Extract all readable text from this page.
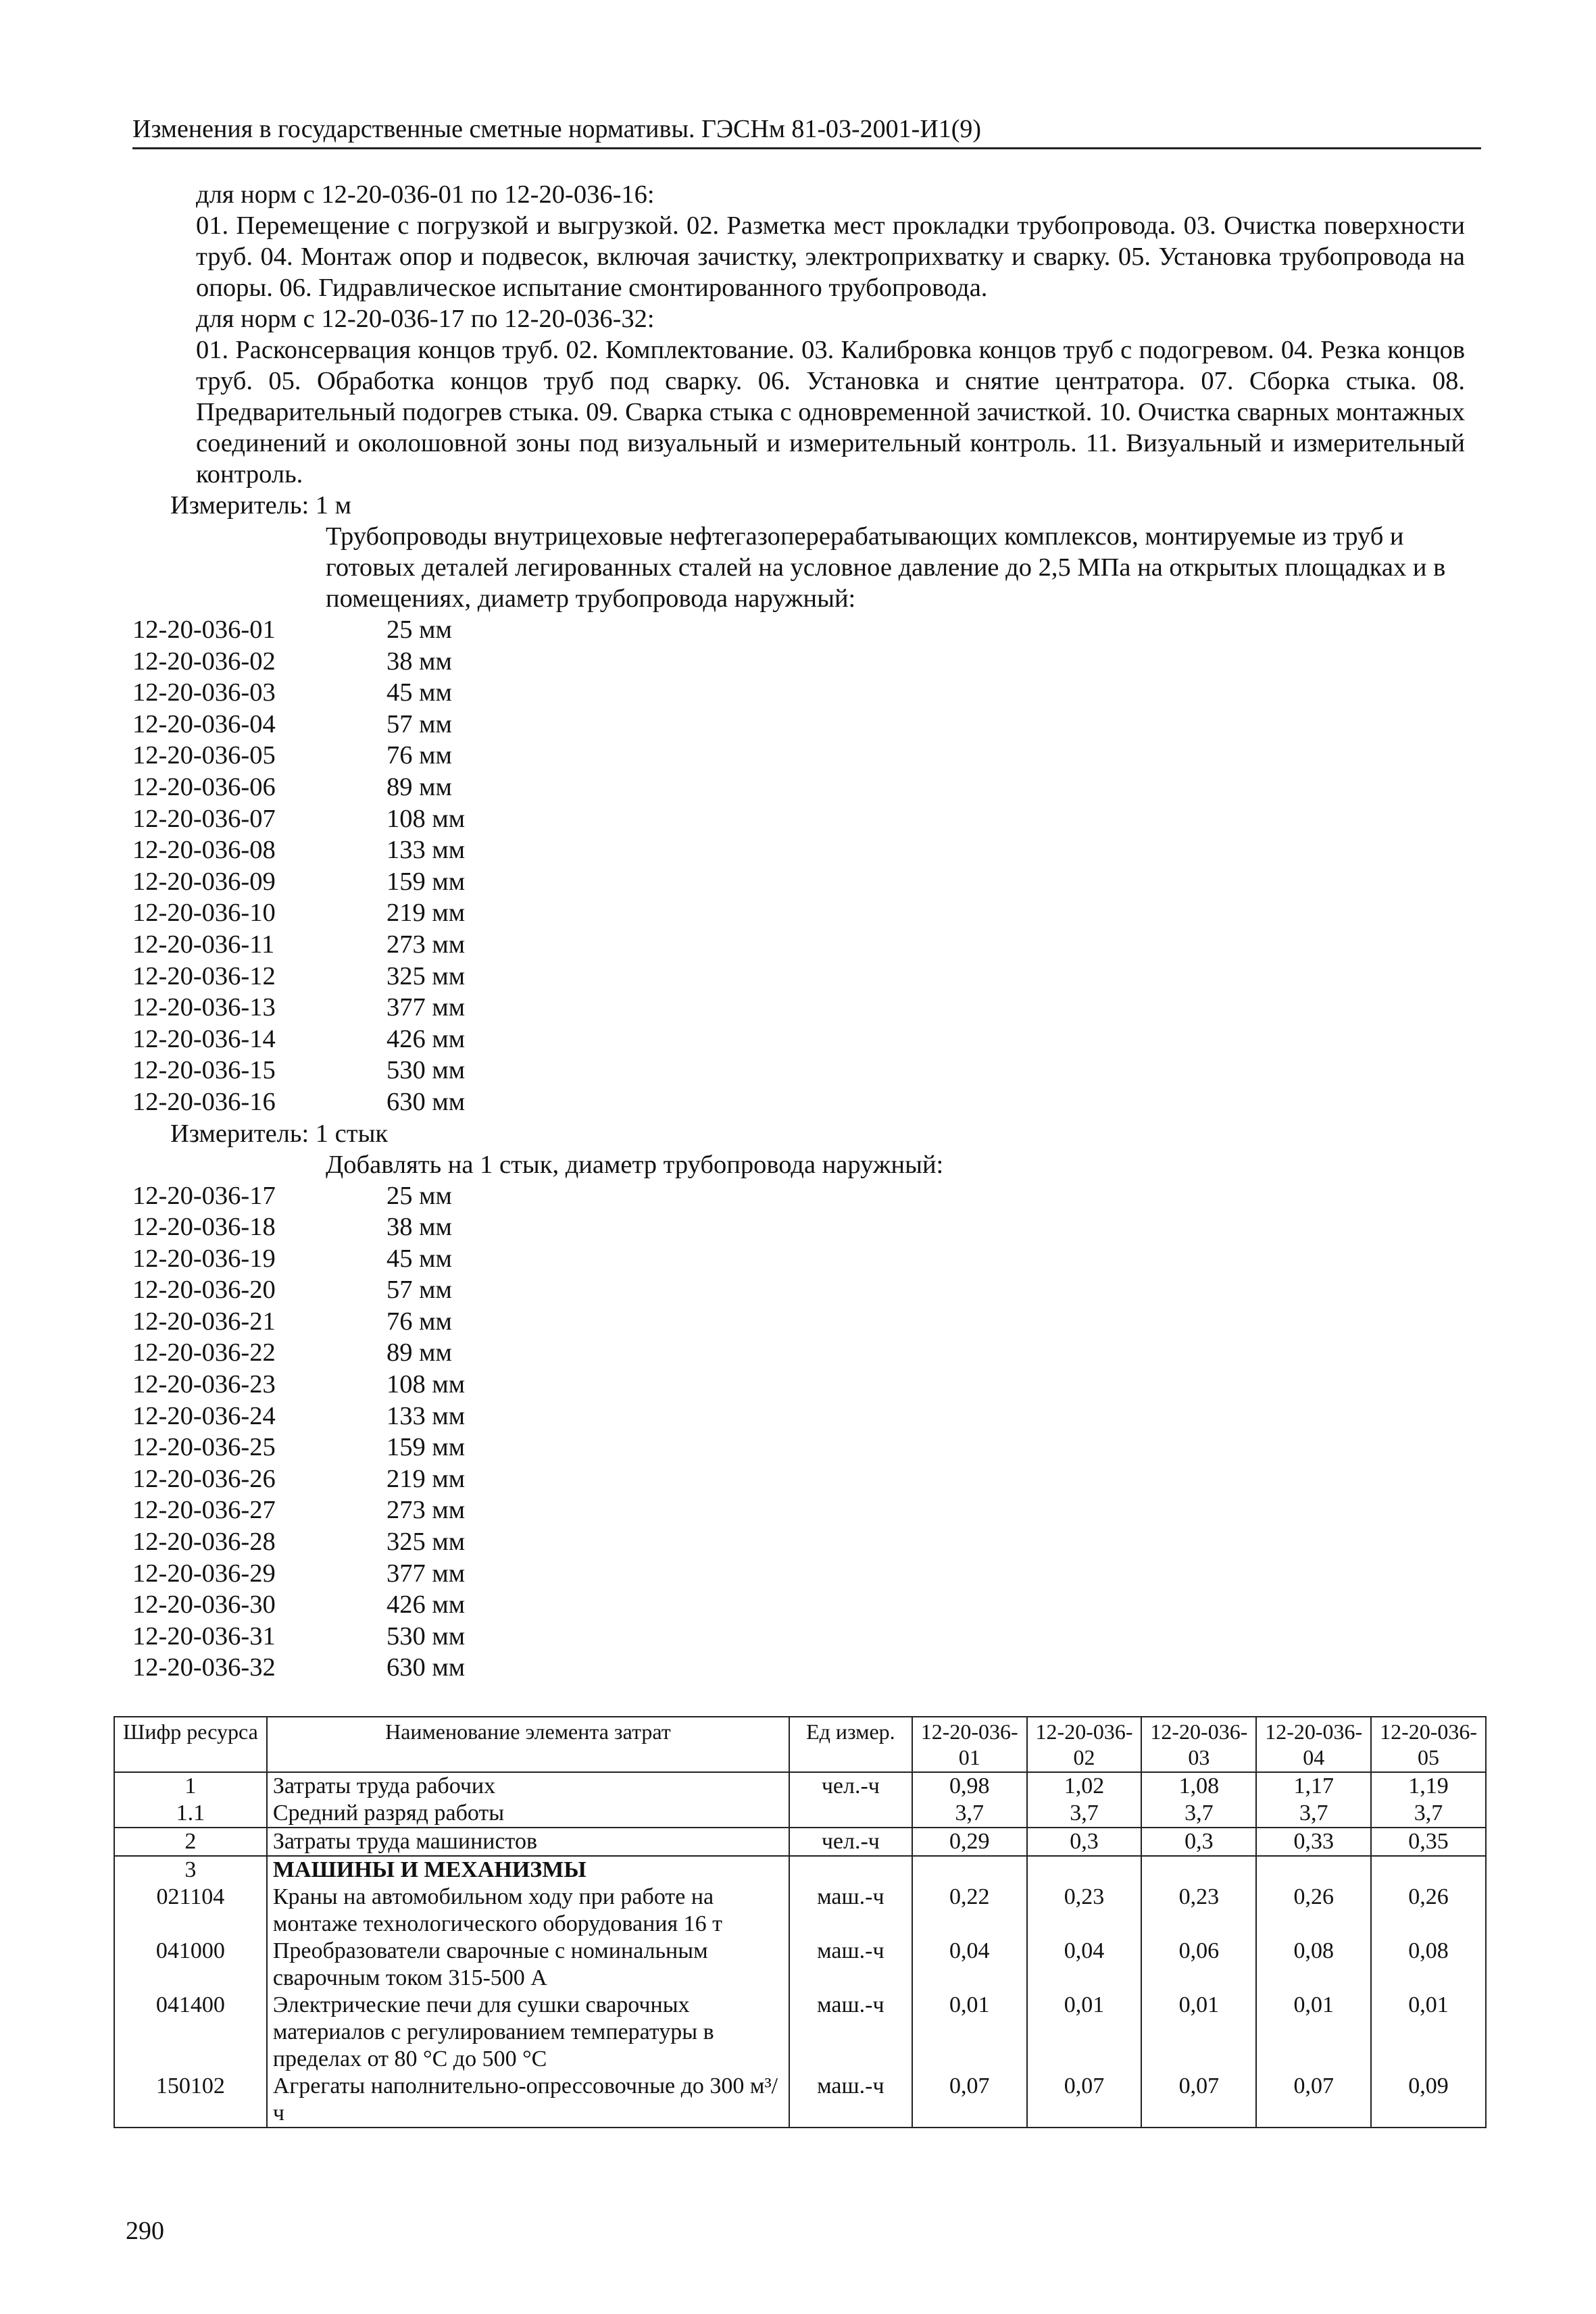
Изменения в государственные сметные нормативы. ГЭСНм 81-03-2001-И1(9)

для норм с 12-20-036-01 по 12-20-036-16:

01. Перемещение с погрузкой и выгрузкой. 02. Разметка мест прокладки трубопровода. 03. Очистка поверхности труб. 04. Монтаж опор и подвесок, включая зачистку, электроприхватку и сварку. 05. Установка трубопровода на опоры. 06. Гидравлическое испытание смонтированного трубопровода.

для норм с 12-20-036-17 по 12-20-036-32:

01. Расконсервация концов труб. 02. Комплектование. 03. Калибровка концов труб с подогревом. 04. Резка концов труб. 05. Обработка концов труб под сварку. 06. Установка и снятие центратора. 07. Сборка стыка. 08. Предварительный подогрев стыка. 09. Сварка стыка с одновременной зачисткой. 10. Очистка сварных монтажных соединений и околошовной зоны под визуальный и измерительный контроль. 11. Визуальный и измерительный контроль.

Измеритель: 1 м

Трубопроводы внутрицеховые нефтегазоперерабатывающих комплексов, монтируемые из труб и готовых деталей легированных сталей на условное давление до 2,5 МПа на открытых площадках и в помещениях, диаметр трубопровода наружный:

12-20-036-01	25 мм
12-20-036-02	38 мм
12-20-036-03	45 мм
12-20-036-04	57 мм
12-20-036-05	76 мм
12-20-036-06	89 мм
12-20-036-07	108 мм
12-20-036-08	133 мм
12-20-036-09	159 мм
12-20-036-10	219 мм
12-20-036-11	273 мм
12-20-036-12	325 мм
12-20-036-13	377 мм
12-20-036-14	426 мм
12-20-036-15	530 мм
12-20-036-16	630 мм
Измеритель: 1 стык
Добавлять на 1 стык, диаметр трубопровода наружный:
12-20-036-17	25 мм
12-20-036-18	38 мм
12-20-036-19	45 мм
12-20-036-20	57 мм
12-20-036-21	76 мм
12-20-036-22	89 мм
12-20-036-23	108 мм
12-20-036-24	133 мм
12-20-036-25	159 мм
12-20-036-26	219 мм
12-20-036-27	273 мм
12-20-036-28	325 мм
12-20-036-29	377 мм
12-20-036-30	426 мм
12-20-036-31	530 мм
12-20-036-32	630 мм
Шифр ресурса	Наименование элемента затрат	Ед измер.	12-20-036-01	12-20-036-02	12-20-036-03	12-20-036-04	12-20-036-05
1	Затраты труда рабочих	чел.-ч	0,98	1,02	1,08	1,17	1,19
1.1	Средний разряд работы		3,7	3,7	3,7	3,7	3,7
2	Затраты труда машинистов	чел.-ч	0,29	0,3	0,3	0,33	0,35
3	МАШИНЫ И МЕХАНИЗМЫ						
021104	Краны на автомобильном ходу при работе на монтаже технологического оборудования 16 т	маш.-ч	0,22	0,23	0,23	0,26	0,26
041000	Преобразователи сварочные с номинальным сварочным током 315-500 А	маш.-ч	0,04	0,04	0,06	0,08	0,08
041400	Электрические печи для сушки сварочных материалов с регулированием температуры в пределах от 80 °С до 500 °С	маш.-ч	0,01	0,01	0,01	0,01	0,01
150102	Агрегаты наполнительно-опрессовочные до 300 м³/ч	маш.-ч	0,07	0,07	0,07	0,07	0,09
290
